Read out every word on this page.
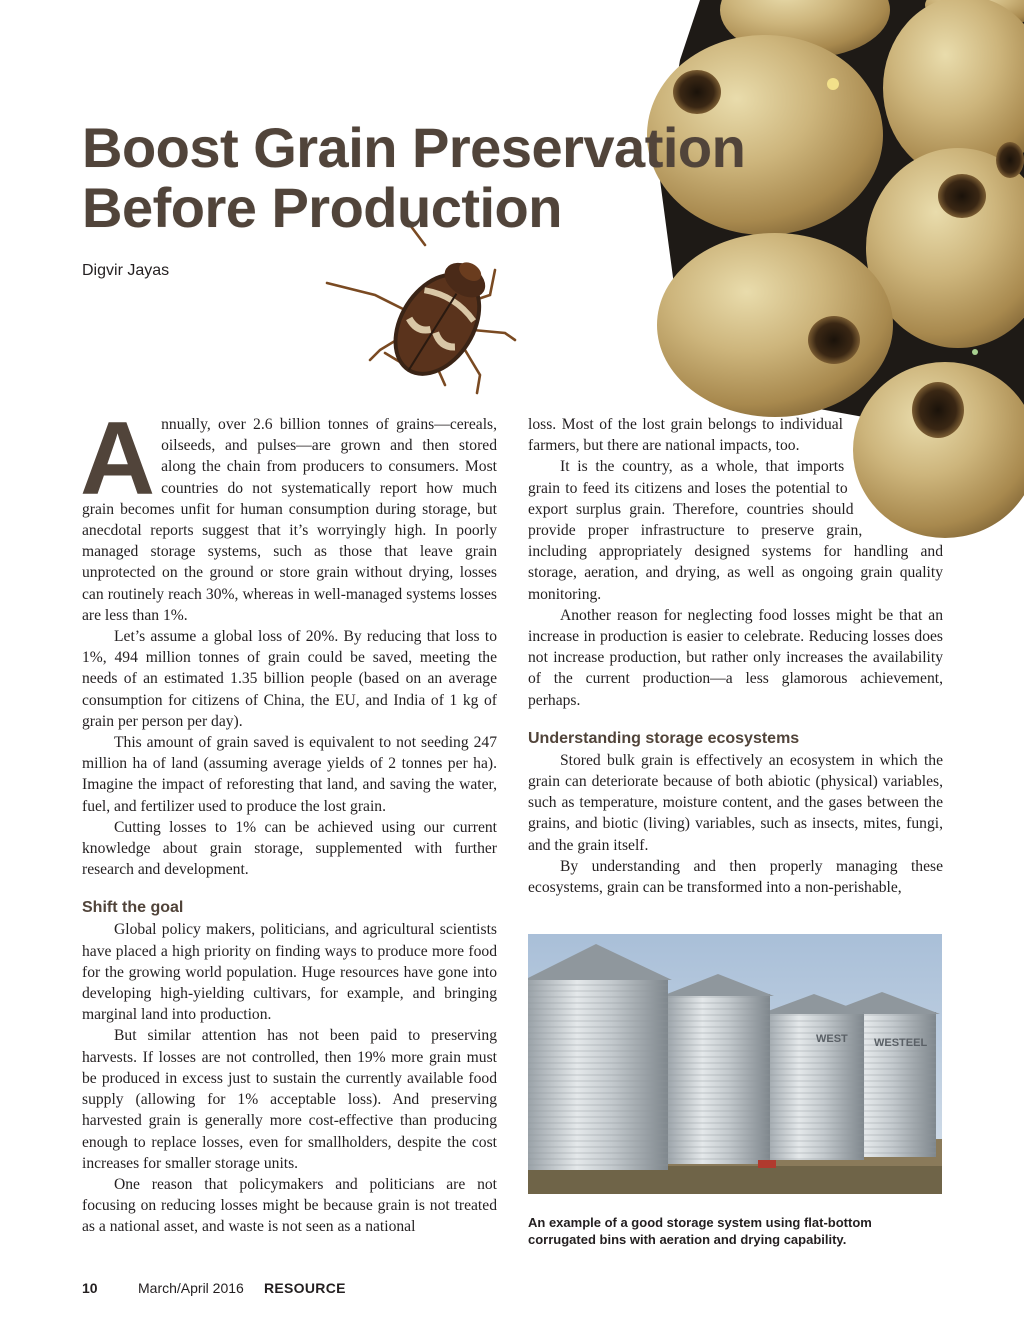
Boost Grain Preservation
Before Production
Digvir Jayas

Annually, over 2.6 billion tonnes of grains—cereals, oilseeds, and pulses—are grown and then stored along the chain from producers to consumers. Most countries do not systematically report how much grain becomes unfit for human consumption during storage, but anecdotal reports suggest that it’s worryingly high. In poorly managed storage systems, such as those that leave grain unprotected on the ground or store grain without drying, losses can routinely reach 30%, whereas in well-managed systems losses are less than 1%.

Let’s assume a global loss of 20%. By reducing that loss to 1%, 494 million tonnes of grain could be saved, meeting the needs of an estimated 1.35 billion people (based on an average consumption for citizens of China, the EU, and India of 1 kg of grain per person per day).

This amount of grain saved is equivalent to not seeding 247 million ha of land (assuming average yields of 2 tonnes per ha). Imagine the impact of reforesting that land, and saving the water, fuel, and fertilizer used to produce the lost grain.

Cutting losses to 1% can be achieved using our current knowledge about grain storage, supplemented with further research and development.

Shift the goal

Global policy makers, politicians, and agricultural scientists have placed a high priority on finding ways to produce more food for the growing world population. Huge resources have gone into developing high-yielding cultivars, for example, and bringing marginal land into production.

But similar attention has not been paid to preserving harvests. If losses are not controlled, then 19% more grain must be produced in excess just to sustain the currently available food supply (allowing for 1% acceptable loss). And preserving harvested grain is generally more cost-effective than producing enough to replace losses, even for smallholders, despite the cost increases for smaller storage units.

One reason that policymakers and politicians are not focusing on reducing losses might be because grain is not treated as a national asset, and waste is not seen as a national

loss. Most of the lost grain belongs to individual farmers, but there are national impacts, too.

It is the country, as a whole, that imports grain to feed its citizens and loses the potential to export surplus grain. Therefore, countries should provide proper infrastructure to preserve grain, including appropriately designed systems for handling and storage, aeration, and drying, as well as ongoing grain quality monitoring.

Another reason for neglecting food losses might be that an increase in production is easier to celebrate. Reducing losses does not increase production, but rather only increases the availability of the current production—a less glamorous achievement, perhaps.

Understanding storage ecosystems

Stored bulk grain is effectively an ecosystem in which the grain can deteriorate because of both abiotic (physical) variables, such as temperature, moisture content, and the gases between the grains, and biotic (living) variables, such as insects, mites, fungi, and the grain itself.

By understanding and then properly managing these ecosystems, grain can be transformed into a non-perishable,

WEST WESTEEL
An example of a good storage system using flat-bottom corrugated bins with aeration and drying capability.
10	March/April 2016	RESOURCE
